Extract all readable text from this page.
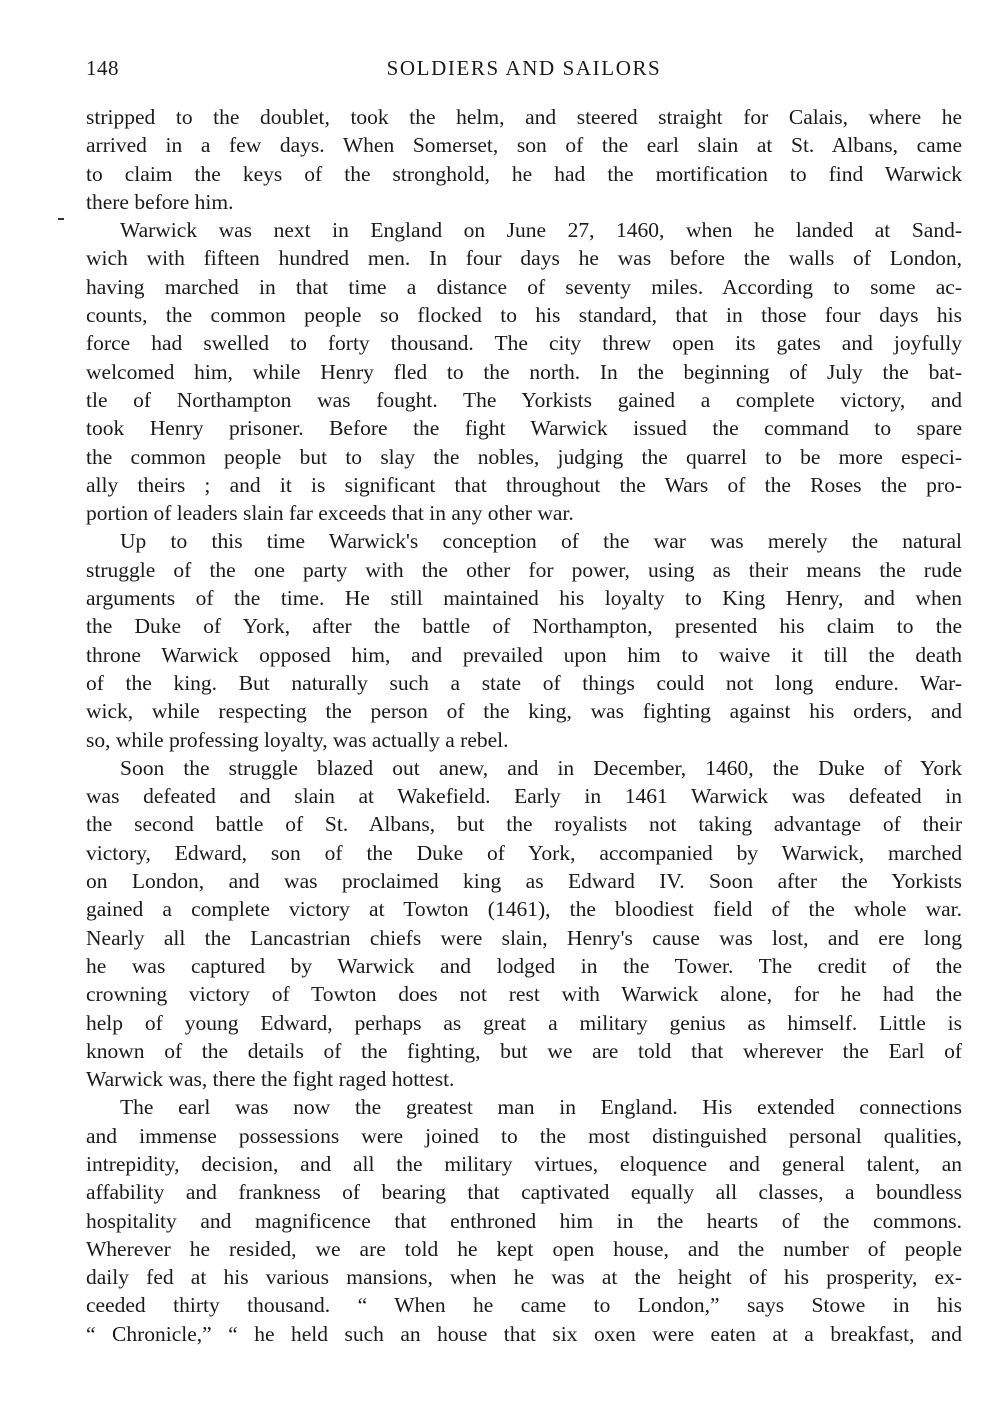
148	SOLDIERS AND SAILORS
stripped to the doublet, took the helm, and steered straight for Calais, where he
arrived in a few days. When Somerset, son of the earl slain at St. Albans, came
to claim the keys of the stronghold, he had the mortification to find Warwick
there before him.
Warwick was next in England on June 27, 1460, when he landed at Sand-
wich with fifteen hundred men. In four days he was before the walls of London,
having marched in that time a distance of seventy miles. According to some ac-
counts, the common people so flocked to his standard, that in those four days his
force had swelled to forty thousand. The city threw open its gates and joyfully
welcomed him, while Henry fled to the north. In the beginning of July the bat-
tle of Northampton was fought. The Yorkists gained a complete victory, and
took Henry prisoner. Before the fight Warwick issued the command to spare
the common people but to slay the nobles, judging the quarrel to be more especi-
ally theirs ; and it is significant that throughout the Wars of the Roses the pro-
portion of leaders slain far exceeds that in any other war.
Up to this time Warwick's conception of the war was merely the natural
struggle of the one party with the other for power, using as their means the rude
arguments of the time. He still maintained his loyalty to King Henry, and when
the Duke of York, after the battle of Northampton, presented his claim to the
throne Warwick opposed him, and prevailed upon him to waive it till the death
of the king. But naturally such a state of things could not long endure. War-
wick, while respecting the person of the king, was fighting against his orders, and
so, while professing loyalty, was actually a rebel.
Soon the struggle blazed out anew, and in December, 1460, the Duke of York
was defeated and slain at Wakefield. Early in 1461 Warwick was defeated in
the second battle of St. Albans, but the royalists not taking advantage of their
victory, Edward, son of the Duke of York, accompanied by Warwick, marched
on London, and was proclaimed king as Edward IV. Soon after the Yorkists
gained a complete victory at Towton (1461), the bloodiest field of the whole war.
Nearly all the Lancastrian chiefs were slain, Henry's cause was lost, and ere long
he was captured by Warwick and lodged in the Tower. The credit of the
crowning victory of Towton does not rest with Warwick alone, for he had the
help of young Edward, perhaps as great a military genius as himself. Little is
known of the details of the fighting, but we are told that wherever the Earl of
Warwick was, there the fight raged hottest.
The earl was now the greatest man in England. His extended connections
and immense possessions were joined to the most distinguished personal qualities,
intrepidity, decision, and all the military virtues, eloquence and general talent, an
affability and frankness of bearing that captivated equally all classes, a boundless
hospitality and magnificence that enthroned him in the hearts of the commons.
Wherever he resided, we are told he kept open house, and the number of people
daily fed at his various mansions, when he was at the height of his prosperity, ex-
ceeded thirty thousand. “ When he came to London,” says Stowe in his
“ Chronicle,” “ he held such an house that six oxen were eaten at a breakfast, and
